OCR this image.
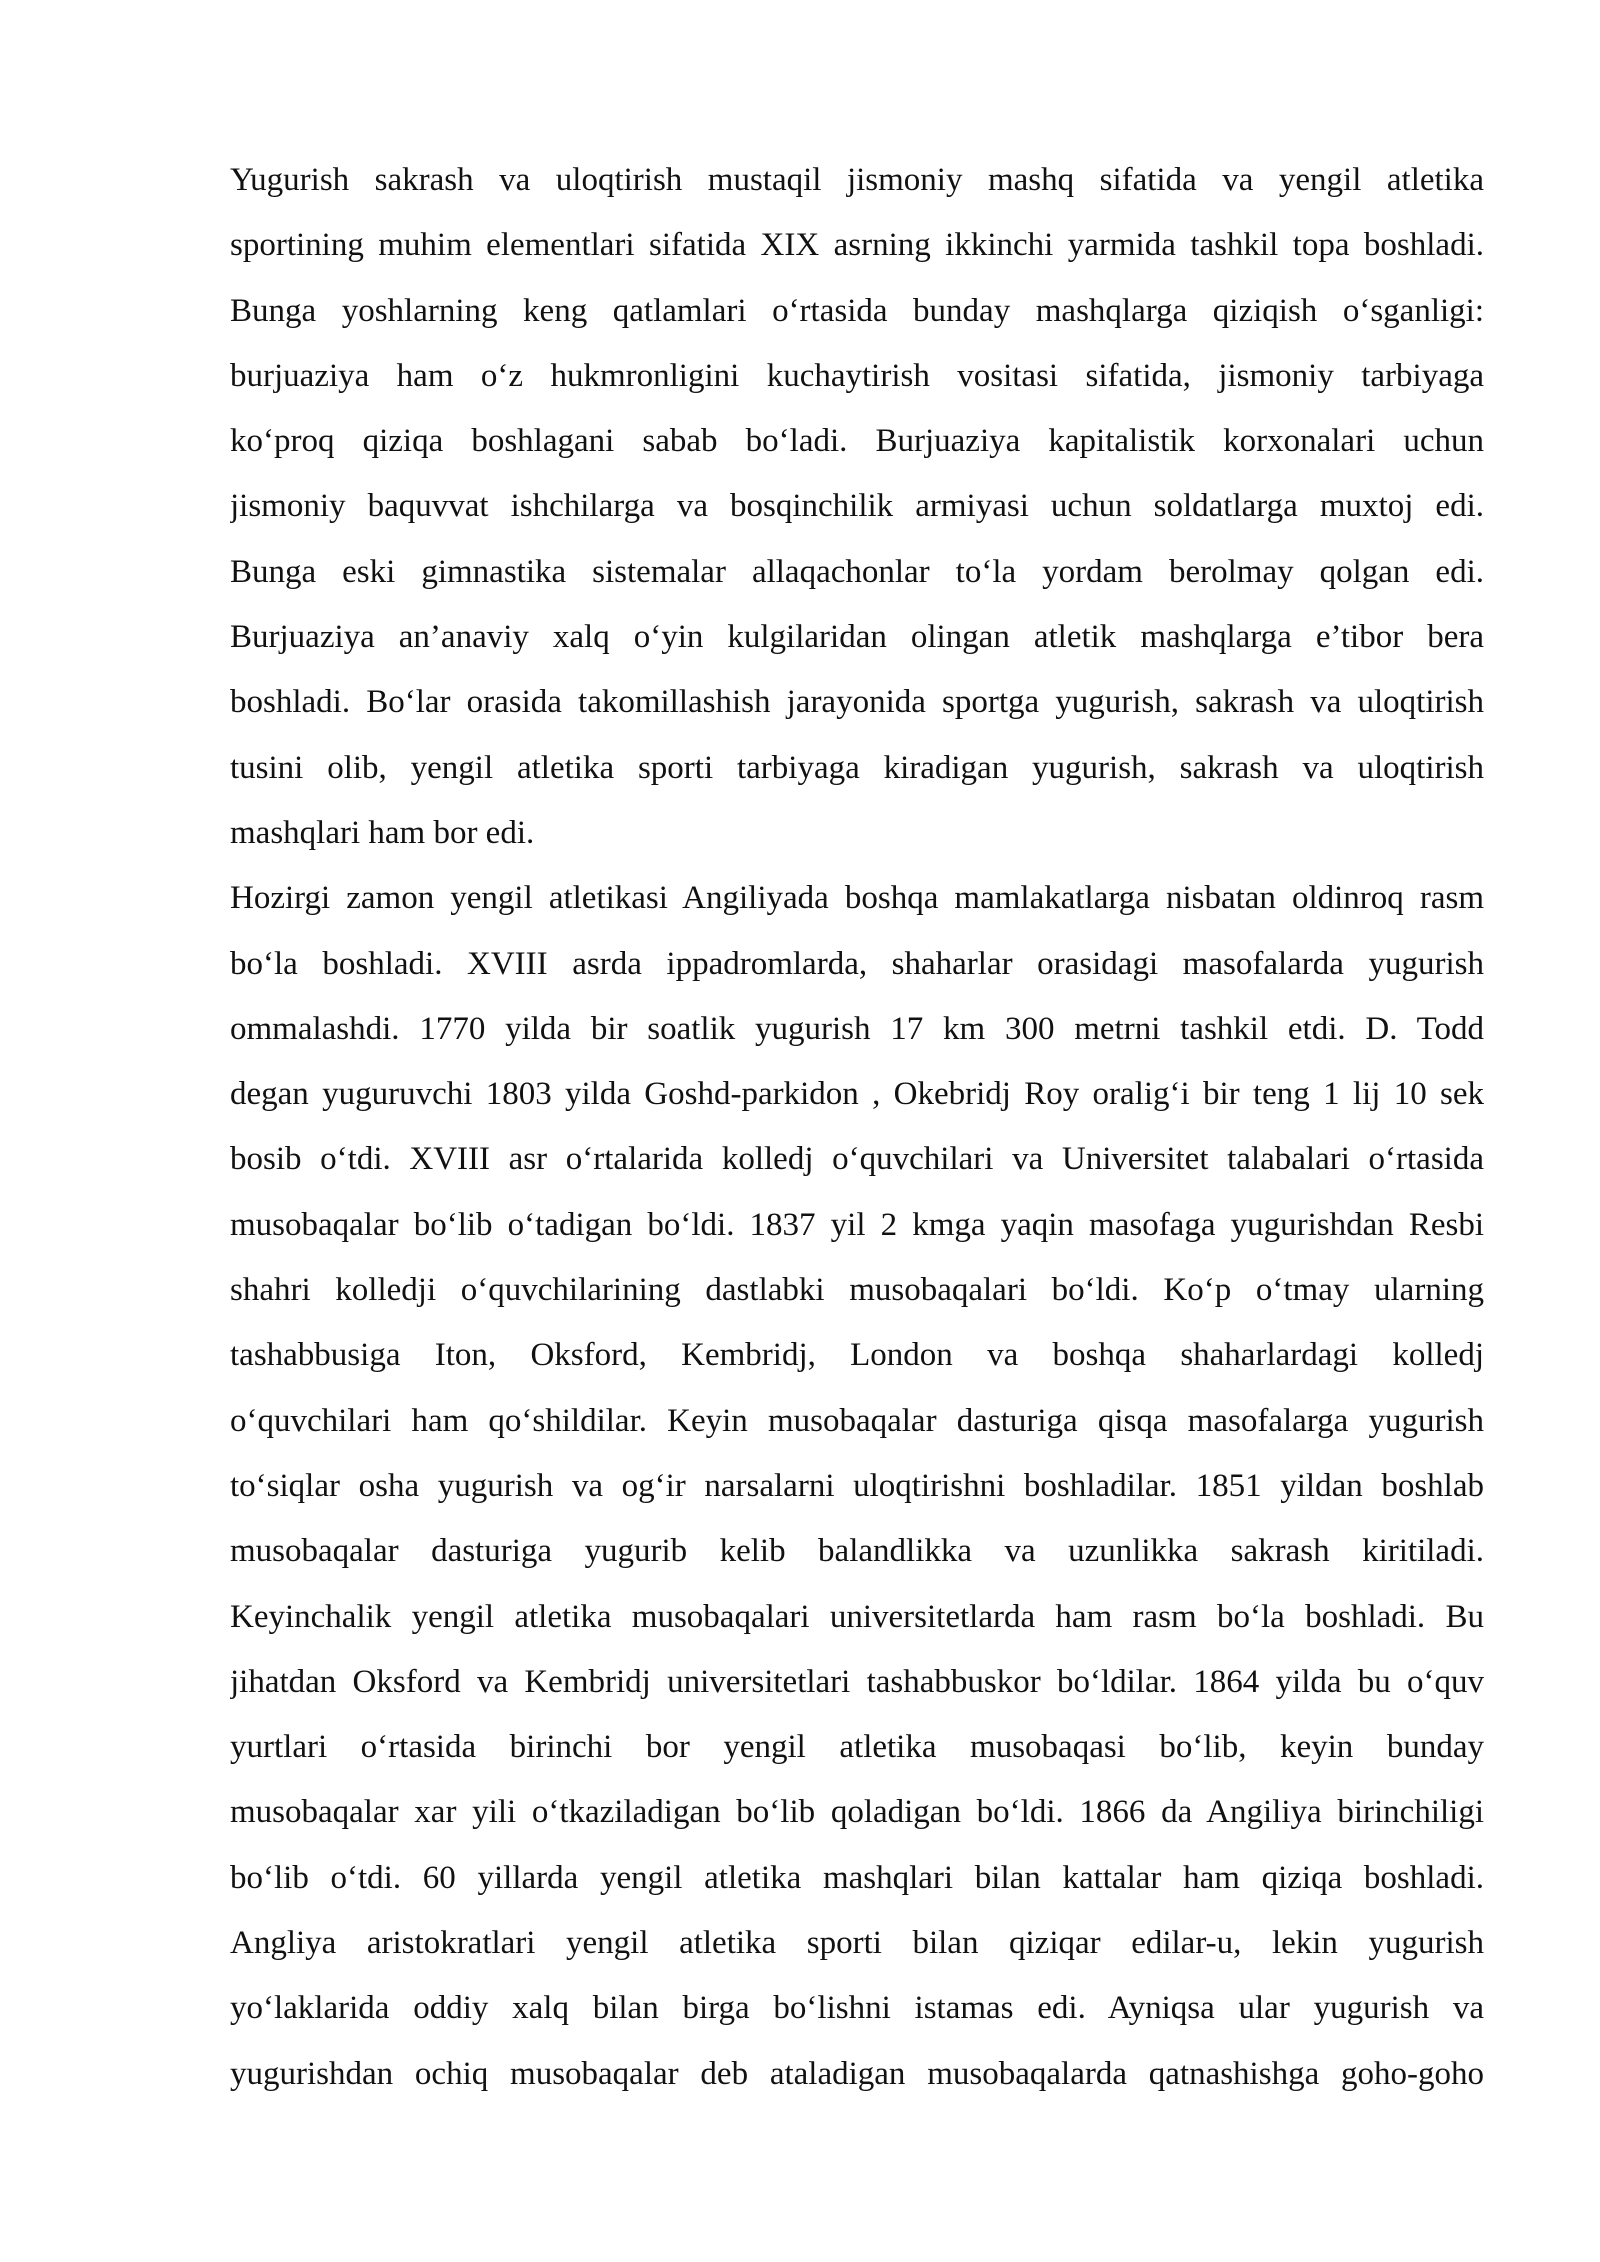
Yugurish sakrash va uloqtirish mustaqil jismoniy mashq sifatida va yengil atletika
sportining muhim elementlari sifatida XIX asrning ikkinchi yarmida tashkil topa boshladi.
Bunga yoshlarning keng qatlamlari o‘rtasida bunday mashqlarga qiziqish o‘sganligi:
burjuaziya ham o‘z hukmronligini kuchaytirish vositasi sifatida, jismoniy tarbiyaga
ko‘proq qiziqa boshlagani sabab bo‘ladi. Burjuaziya kapitalistik korxonalari uchun
jismoniy baquvvat ishchilarga va bosqinchilik armiyasi uchun soldatlarga muxtoj edi.
Bunga eski gimnastika sistemalar allaqachonlar to‘la yordam berolmay qolgan edi.
Burjuaziya an’anaviy xalq o‘yin kulgilaridan olingan atletik mashqlarga e’tibor bera
boshladi. Bo‘lar orasida takomillashish jarayonida sportga yugurish, sakrash va uloqtirish
tusini olib, yengil atletika sporti tarbiyaga kiradigan yugurish, sakrash va uloqtirish
mashqlari ham bor edi.
Hozirgi zamon yengil atletikasi Angiliyada boshqa mamlakatlarga nisbatan oldinroq rasm
bo‘la boshladi. XVIII asrda ippadromlarda, shaharlar orasidagi masofalarda yugurish
ommalashdi. 1770 yilda bir soatlik yugurish 17 km 300 metrni tashkil etdi. D. Todd
degan yuguruvchi 1803 yilda Goshd-parkidon , Okebridj Roy oralig‘i bir teng 1 lij 10 sek
bosib o‘tdi. XVIII asr o‘rtalarida kolledj o‘quvchilari va Universitet talabalari o‘rtasida
musobaqalar bo‘lib o‘tadigan bo‘ldi. 1837 yil 2 kmga yaqin masofaga yugurishdan Resbi
shahri kolledji o‘quvchilarining dastlabki musobaqalari bo‘ldi. Ko‘p o‘tmay ularning
tashabbusiga Iton, Oksford, Kembridj, London va boshqa shaharlardagi kolledj
o‘quvchilari ham qo‘shildilar. Keyin musobaqalar dasturiga qisqa masofalarga yugurish
to‘siqlar osha yugurish va og‘ir narsalarni uloqtirishni boshladilar. 1851 yildan boshlab
musobaqalar dasturiga yugurib kelib balandlikka va uzunlikka sakrash kiritiladi.
Keyinchalik yengil atletika musobaqalari universitetlarda ham rasm bo‘la boshladi. Bu
jihatdan Oksford va Kembridj universitetlari tashabbuskor bo‘ldilar. 1864 yilda bu o‘quv
yurtlari o‘rtasida birinchi bor yengil atletika musobaqasi bo‘lib, keyin bunday
musobaqalar xar yili o‘tkaziladigan bo‘lib qoladigan bo‘ldi. 1866 da Angiliya birinchiligi
bo‘lib o‘tdi. 60 yillarda yengil atletika mashqlari bilan kattalar ham qiziqa boshladi.
Angliya aristokratlari yengil atletika sporti bilan qiziqar edilar-u, lekin yugurish
yo‘laklarida oddiy xalq bilan birga bo‘lishni istamas edi. Ayniqsa ular yugurish va
yugurishdan ochiq musobaqalar deb ataladigan musobaqalarda qatnashishga goho-goho
